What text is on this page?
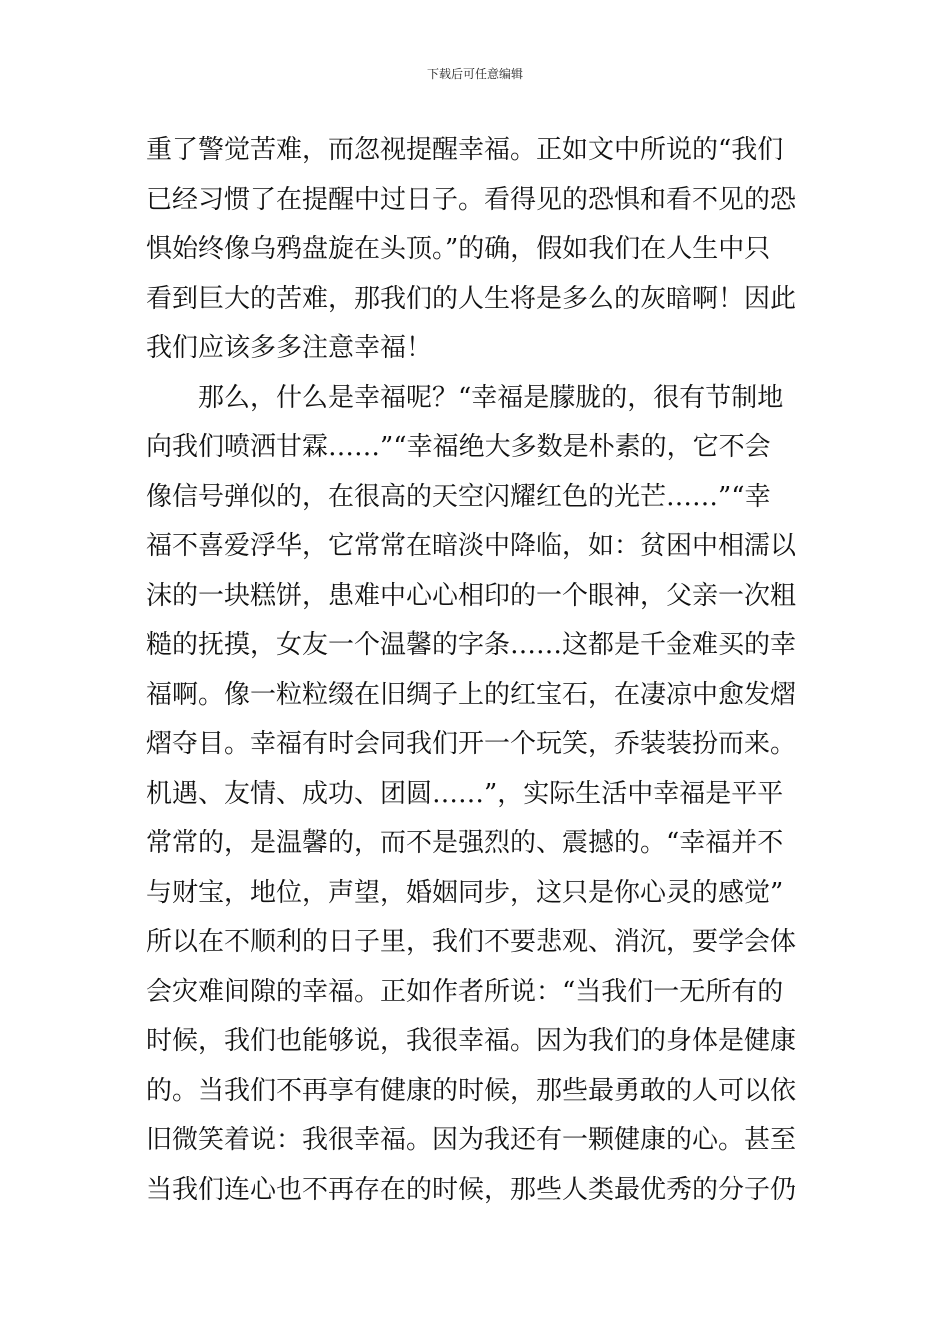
下载后可任意编辑
重了警觉苦难，而忽视提醒幸福。正如文中所说的“我们
已经习惯了在提醒中过日子。看得见的恐惧和看不见的恐
惧始终像乌鸦盘旋在头顶。”的确，假如我们在人生中只
看到巨大的苦难，那我们的人生将是多么的灰暗啊！因此
我们应该多多注意幸福！
那么，什么是幸福呢？“幸福是朦胧的，很有节制地
向我们喷洒甘霖……”“幸福绝大多数是朴素的，它不会
像信号弹似的，在很高的天空闪耀红色的光芒……”“幸
福不喜爱浮华，它常常在暗淡中降临，如：贫困中相濡以
沫的一块糕饼，患难中心心相印的一个眼神，父亲一次粗
糙的抚摸，女友一个温馨的字条……这都是千金难买的幸
福啊。像一粒粒缀在旧绸子上的红宝石，在凄凉中愈发熠
熠夺目。幸福有时会同我们开一个玩笑，乔装装扮而来。
机遇、友情、成功、团圆……”，实际生活中幸福是平平
常常的，是温馨的，而不是强烈的、震撼的。“幸福并不
与财宝，地位，声望，婚姻同步，这只是你心灵的感觉”
所以在不顺利的日子里，我们不要悲观、消沉，要学会体
会灾难间隙的幸福。正如作者所说：“当我们一无所有的
时候，我们也能够说，我很幸福。因为我们的身体是健康
的。当我们不再享有健康的时候，那些最勇敢的人可以依
旧微笑着说：我很幸福。因为我还有一颗健康的心。甚至
当我们连心也不再存在的时候，那些人类最优秀的分子仍
